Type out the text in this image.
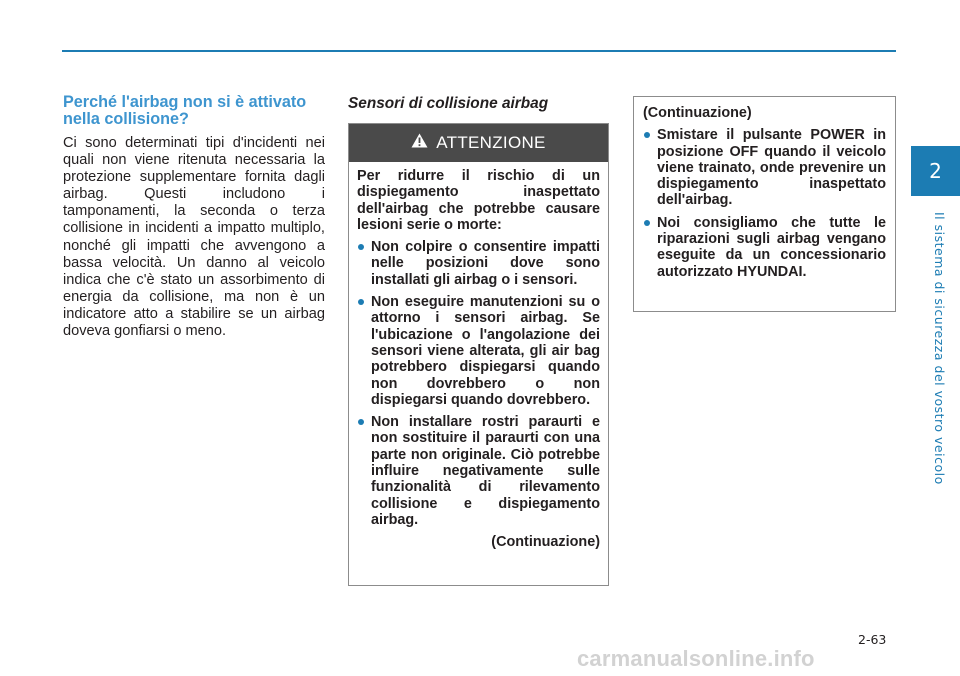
2
Il sistema di sicurezza del vostro veicolo
Perché l'airbag non si è attivato nella collisione?

Ci sono determinati tipi d'incidenti nei quali non viene ritenuta necessaria la protezione supplementare fornita dagli airbag. Questi includono i tamponamenti, la seconda o terza collisione in incidenti a impatto multiplo, nonché gli impatti che avvengono a bassa velocità. Un danno al veicolo indica che c'è stato un assorbimento di energia da collisione, ma non è un indicatore atto a stabilire se un airbag doveva gonfiarsi o meno.

Sensori di collisione airbag
ATTENZIONE

Per ridurre il rischio di un dispiegamento inaspettato dell'airbag che potrebbe causare lesioni serie o morte:

Non colpire o consentire impatti nelle posizioni dove sono installati gli airbag o i sensori.
Non eseguire manutenzioni su o attorno i sensori airbag. Se l'ubicazione o l'angolazione dei sensori viene alterata, gli air bag potrebbero dispiegarsi quando non dovrebbero o non dispiegarsi quando dovrebbero.
Non installare rostri paraurti e non sostituire il paraurti con una parte non originale. Ciò potrebbe influire negativamente sulle funzionalità di rilevamento collisione e dispiegamento airbag.

(Continuazione)

(Continuazione)

Smistare il pulsante POWER in posizione OFF quando il veicolo viene trainato, onde prevenire un dispiegamento inaspettato dell'airbag.
Noi consigliamo che tutte le riparazioni sugli airbag vengano eseguite da un concessionario autorizzato HYUNDAI.
2-63
carmanualsonline.info
